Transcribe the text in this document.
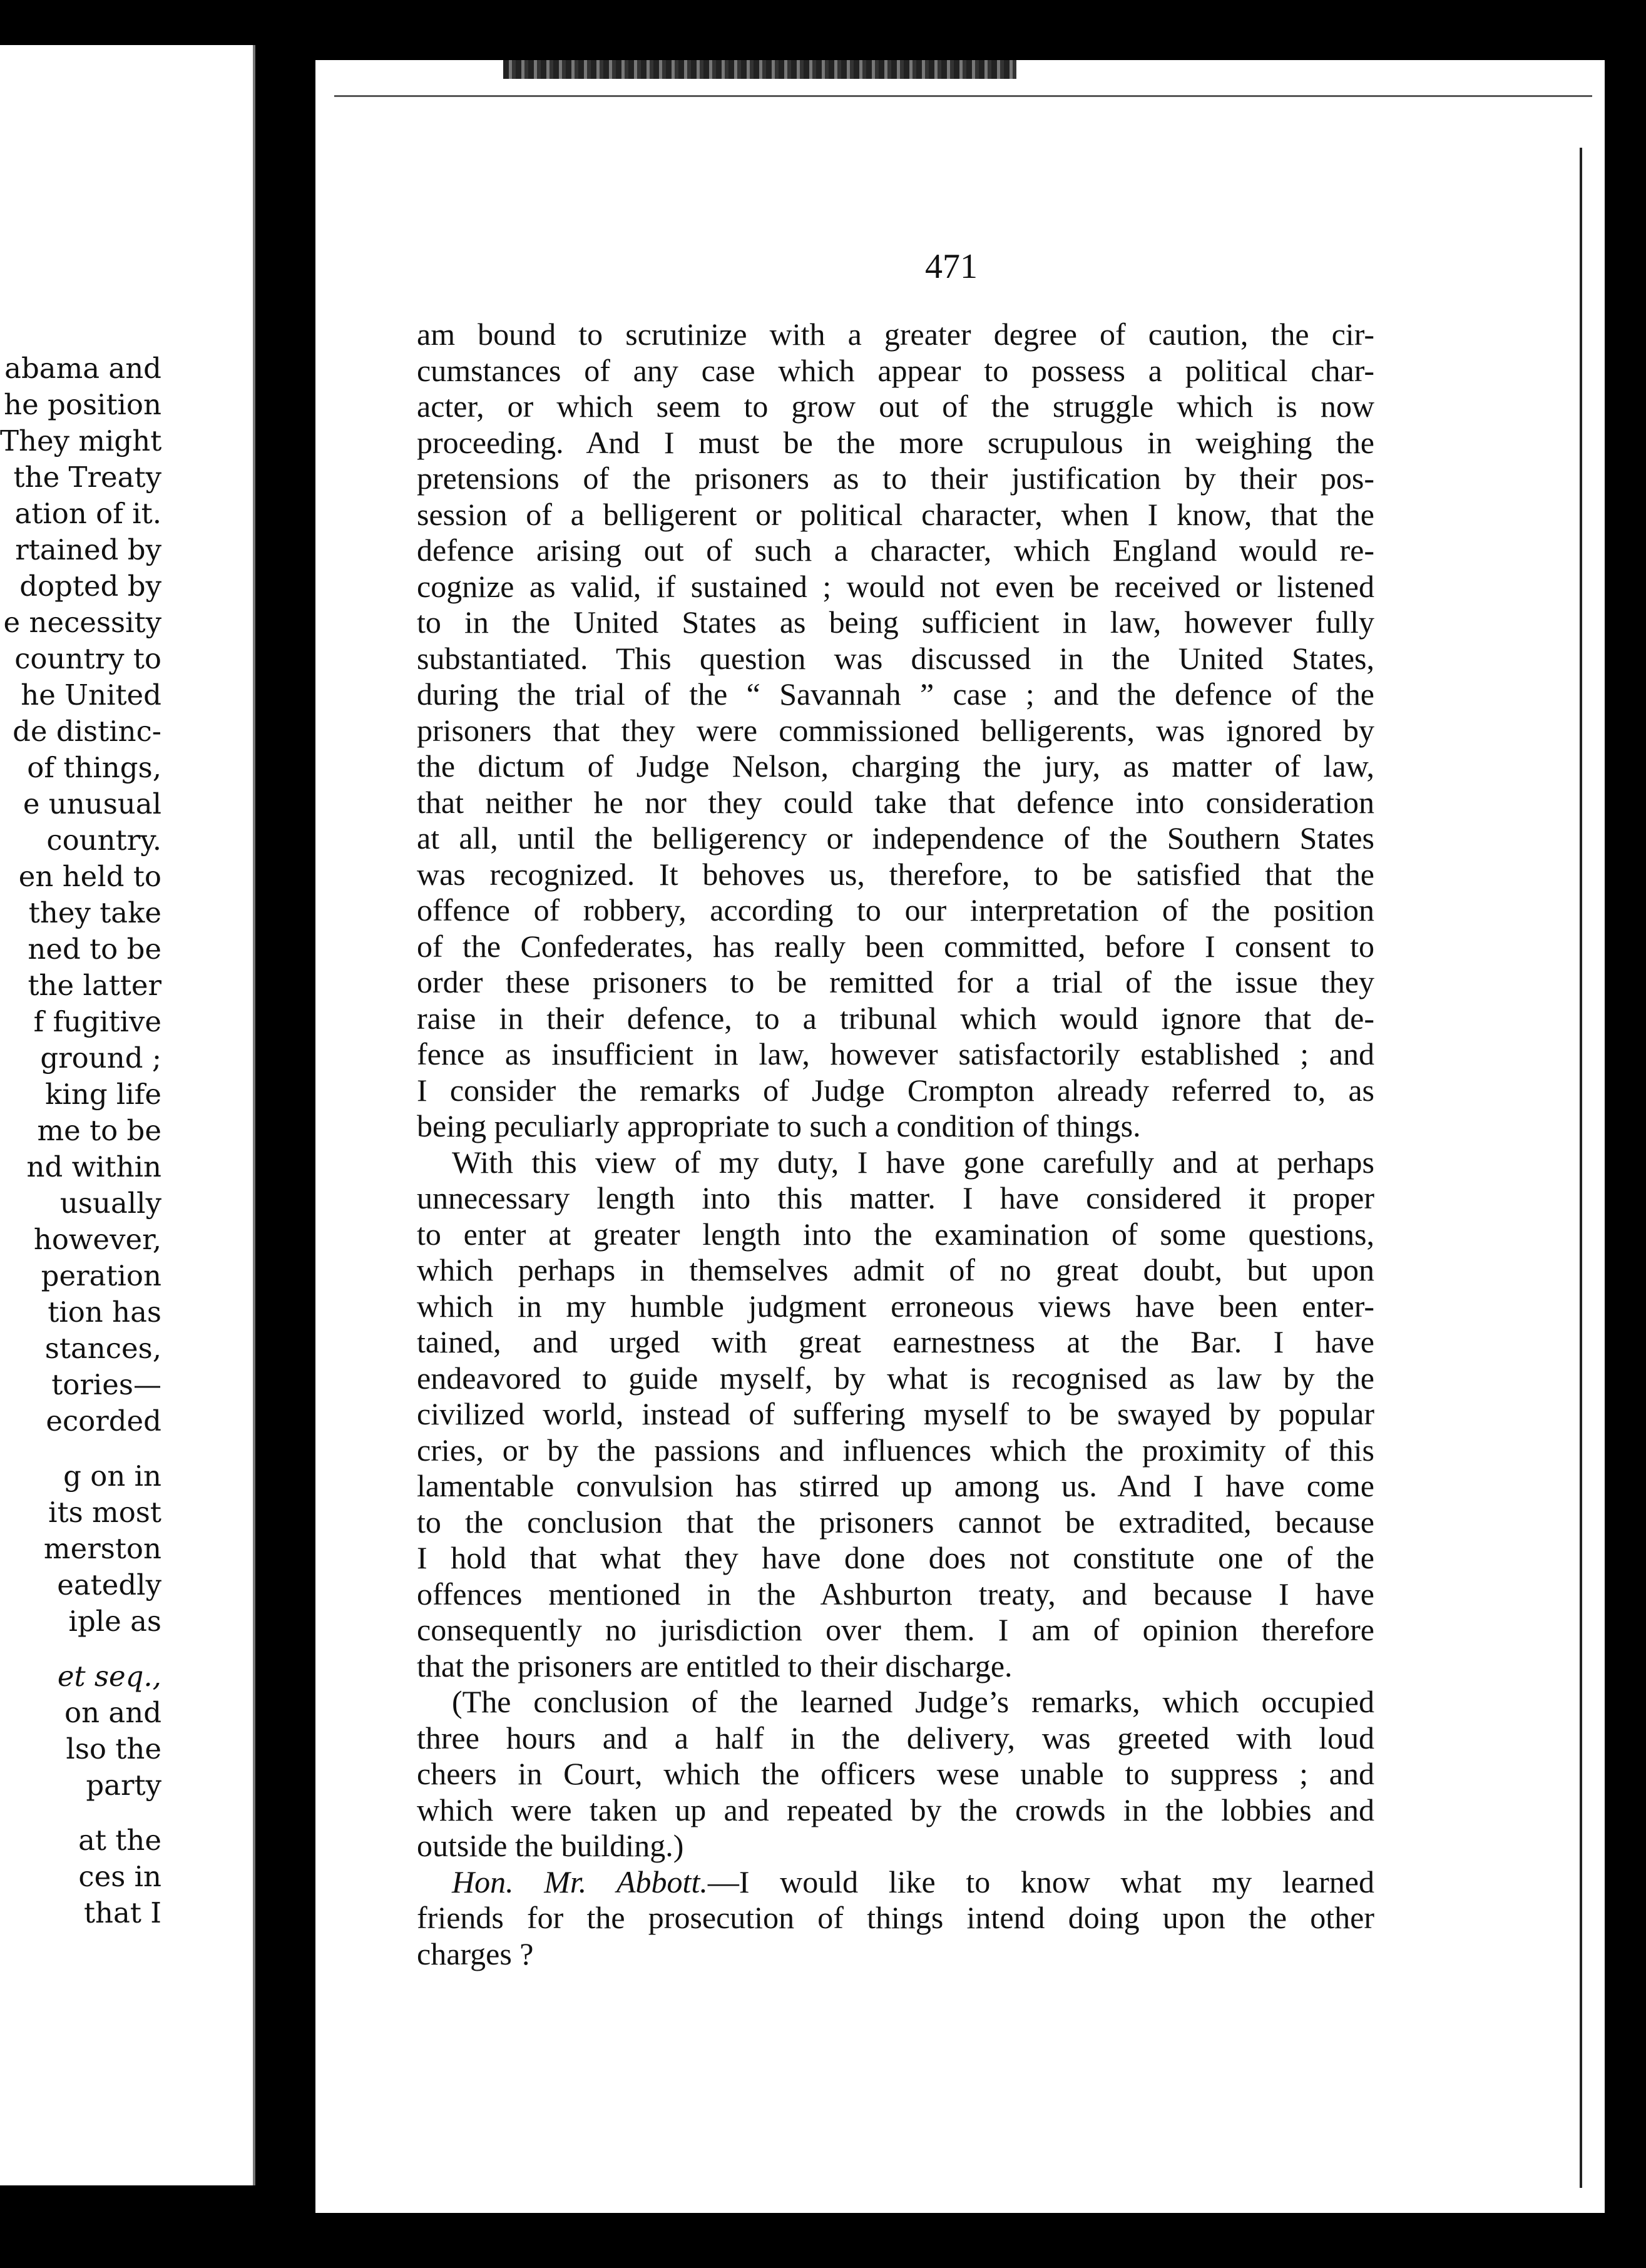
abama and
he position
They might
the Treaty
ation of it.
rtained by
dopted by
e necessity
country to
he United
de distinc-
of things,
e unusual
country.
en held to
they take
ned to be
the latter
f fugitive
ground ;
king life
me to be
nd within
usually
however,
peration
tion has
stances,
tories—
ecorded
g on in
its most
merston
eatedly
iple as
et seq.,
on and
lso the
party
at the
ces in
that I
471
am bound to scrutinize with a greater degree of caution, the cir-
cumstances of any case which appear to possess a political char-
acter, or which seem to grow out of the struggle which is now
proceeding. And I must be the more scrupulous in weighing the
pretensions of the prisoners as to their justification by their pos-
session of a belligerent or political character, when I know, that the
defence arising out of such a character, which England would re-
cognize as valid, if sustained ; would not even be received or listened
to in the United States as being sufficient in law, however fully
substantiated. This question was discussed in the United States,
during the trial of the “ Savannah ” case ; and the defence of the
prisoners that they were commissioned belligerents, was ignored by
the dictum of Judge Nelson, charging the jury, as matter of law,
that neither he nor they could take that defence into consideration
at all, until the belligerency or independence of the Southern States
was recognized. It behoves us, therefore, to be satisfied that the
offence of robbery, according to our interpretation of the position
of the Confederates, has really been committed, before I consent to
order these prisoners to be remitted for a trial of the issue they
raise in their defence, to a tribunal which would ignore that de-
fence as insufficient in law, however satisfactorily established ; and
I consider the remarks of Judge Crompton already referred to, as
being peculiarly appropriate to such a condition of things.
With this view of my duty, I have gone carefully and at perhaps
unnecessary length into this matter. I have considered it proper
to enter at greater length into the examination of some questions,
which perhaps in themselves admit of no great doubt, but upon
which in my humble judgment erroneous views have been enter-
tained, and urged with great earnestness at the Bar. I have
endeavored to guide myself, by what is recognised as law by the
civilized world, instead of suffering myself to be swayed by popular
cries, or by the passions and influences which the proximity of this
lamentable convulsion has stirred up among us. And I have come
to the conclusion that the prisoners cannot be extradited, because
I hold that what they have done does not constitute one of the
offences mentioned in the Ashburton treaty, and because I have
consequently no jurisdiction over them. I am of opinion therefore
that the prisoners are entitled to their discharge.
(The conclusion of the learned Judge’s remarks, which occupied
three hours and a half in the delivery, was greeted with loud
cheers in Court, which the officers wese unable to suppress ; and
which were taken up and repeated by the crowds in the lobbies and
outside the building.)
Hon. Mr. Abbott.—I would like to know what my learned
friends for the prosecution of things intend doing upon the other
charges ?
